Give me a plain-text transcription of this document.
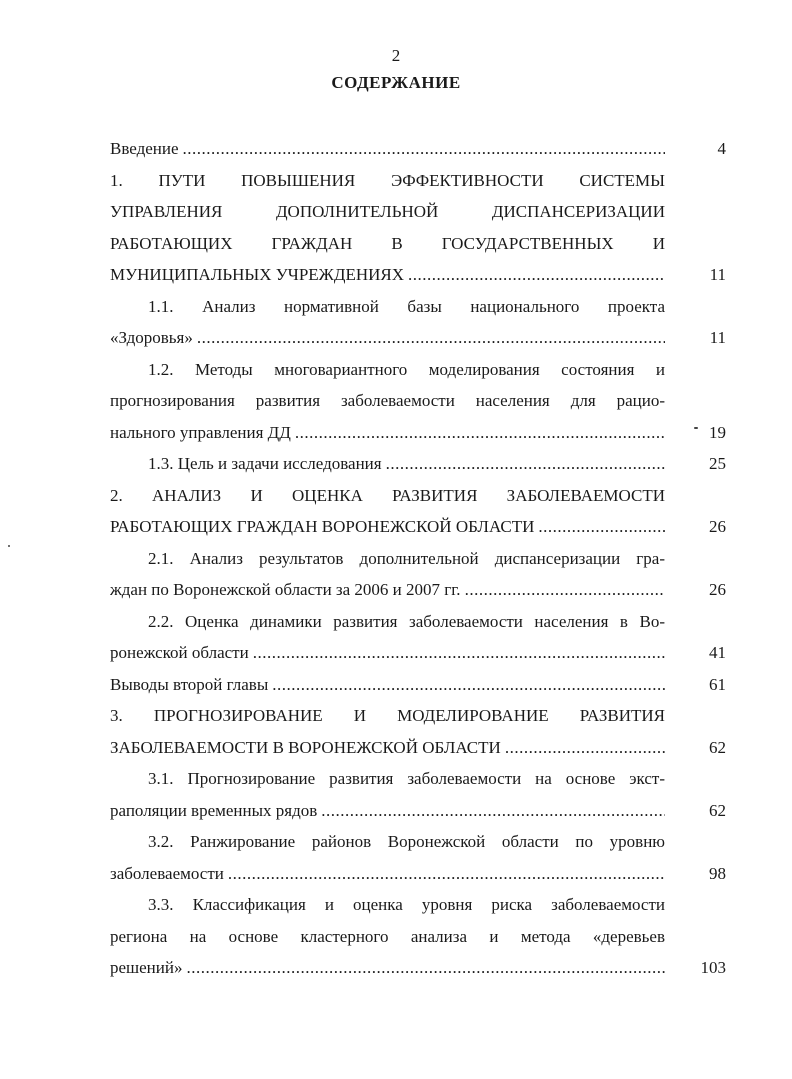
2
СОДЕРЖАНИЕ
Введение .....	4
1. ПУТИ ПОВЫШЕНИЯ ЭФФЕКТИВНОСТИ СИСТЕМЫ
УПРАВЛЕНИЯ ДОПОЛНИТЕЛЬНОЙ ДИСПАНСЕРИЗАЦИИ
РАБОТАЮЩИХ ГРАЖДАН В ГОСУДАРСТВЕННЫХ И
МУНИЦИПАЛЬНЫХ УЧРЕЖДЕНИЯХ .....	11
1.1. Анализ нормативной базы национального проекта
«Здоровья» .....	11
1.2. Методы многовариантного моделирования состояния и
прогнозирования развития заболеваемости населения для рацио-
нального управления ДД .....	19
1.3. Цель и задачи исследования .....	25
2. АНАЛИЗ И ОЦЕНКА РАЗВИТИЯ ЗАБОЛЕВАЕМОСТИ
РАБОТАЮЩИХ ГРАЖДАН ВОРОНЕЖСКОЙ ОБЛАСТИ .....	26
2.1. Анализ результатов дополнительной диспансеризации гра-
ждан по Воронежской области за 2006 и 2007 гг. .....	26
2.2. Оценка динамики развития заболеваемости населения в Во-
ронежской области .....	41
Выводы второй главы .....	61
3. ПРОГНОЗИРОВАНИЕ И МОДЕЛИРОВАНИЕ РАЗВИТИЯ
ЗАБОЛЕВАЕМОСТИ В ВОРОНЕЖСКОЙ ОБЛАСТИ .....	62
3.1. Прогнозирование развития заболеваемости на основе экст-
раполяции временных рядов .....	62
3.2. Ранжирование районов Воронежской области по уровню
заболеваемости .....	98
3.3. Классификация и оценка уровня риска заболеваемости
региона на основе кластерного анализа и метода «деревьев
решений» .....	103
